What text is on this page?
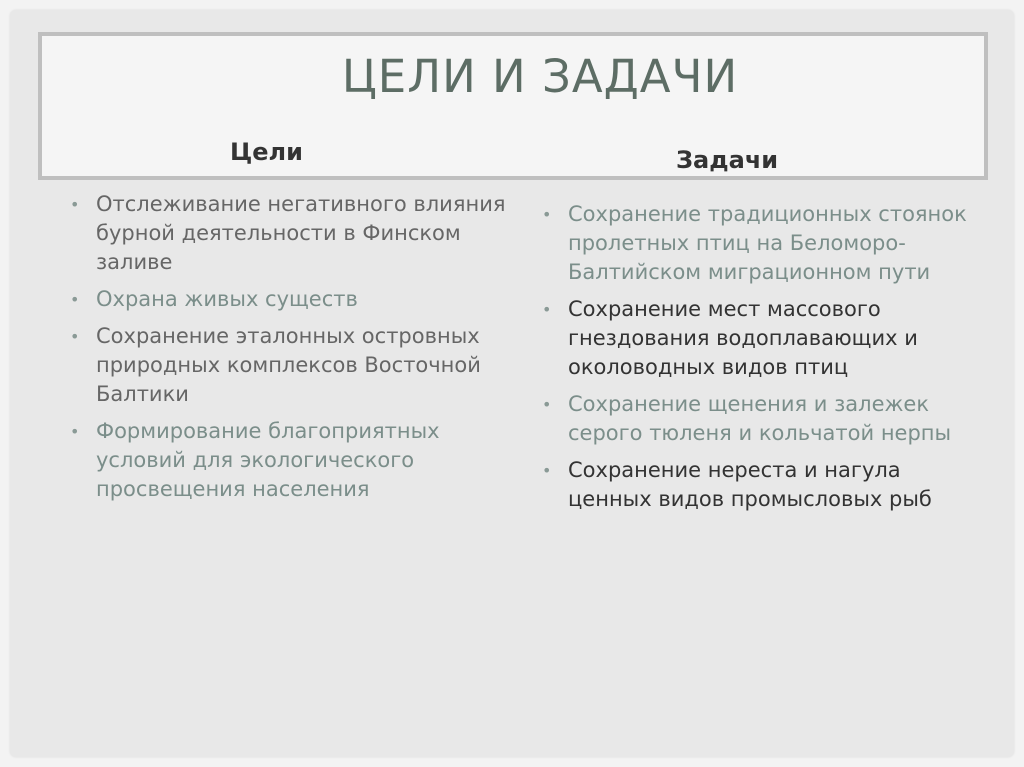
ЦЕЛИ И ЗАДАЧИ
Цели	Задачи
• Отслеживание негативного влияния бурной деятельности в Финском заливе
• Охрана живых существ
• Сохранение эталонных островных природных комплексов Восточной Балтики
• Формирование благоприятных условий для экологического просвещения населения
• Сохранение традиционных стоянок пролетных птиц на Беломоро-Балтийском миграционном пути
• Сохранение мест массового гнездования водоплавающих и околоводных видов птиц
• Сохранение щенения и залежек серого тюленя и кольчатой нерпы
• Сохранение нереста и нагула ценных видов промысловых рыб
